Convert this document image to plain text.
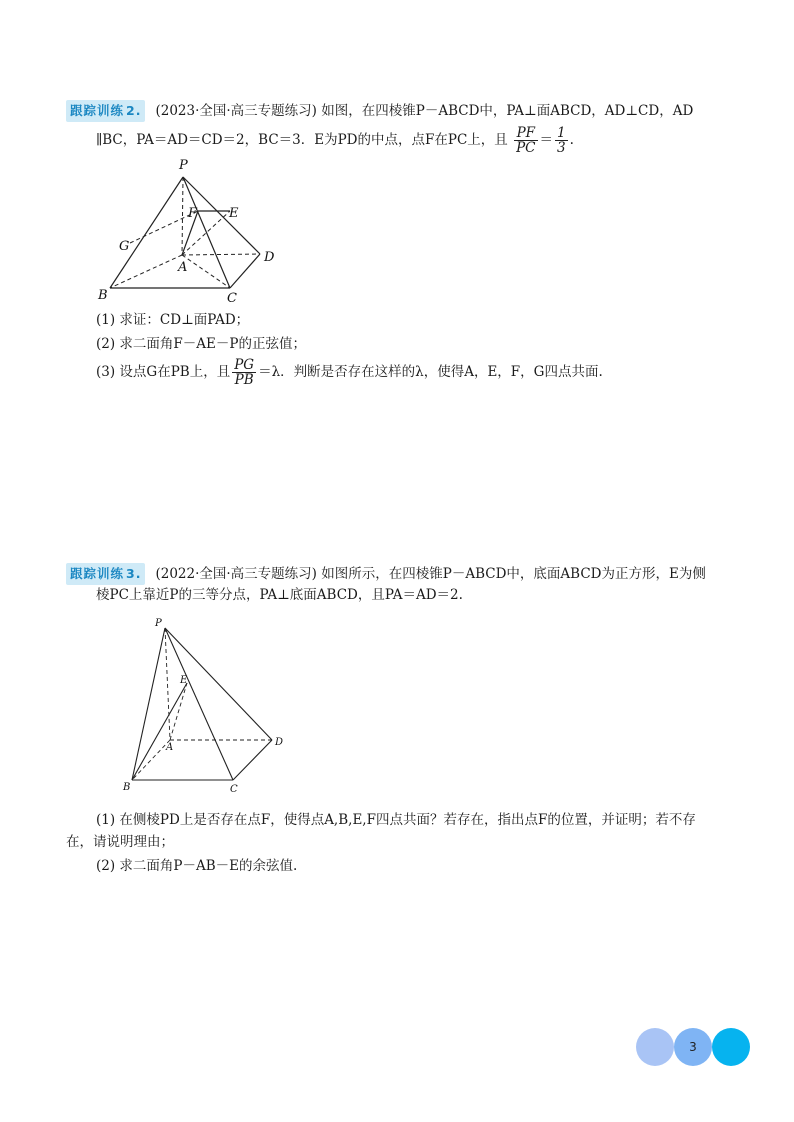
跟踪训练 2. (2023·全国·高三专题练习) 如图，在四棱锥P－ABCD中，PA⊥面ABCD，AD⊥CD，AD
∥BC，PA＝AD＝CD＝2，BC＝3．E为PD的中点，点F在PC上，且 $\frac{PF}{PC} = \frac{1}{3}$ .
P
F E
G
A
D
B	C
(1) 求证：CD⊥面PAD；
(2) 求二面角F－AE－P的正弦值；
(3) 设点G在PB上，且 $\frac{PG}{PB} =\lambda$．判断是否存在这样的λ，使得A，E，F，G四点共面.
跟踪训练 3. (2022·全国·高三专题练习) 如图所示，在四棱锥P－ABCD中，底面ABCD为正方形，E为侧
棱PC上靠近P的三等分点，PA⊥底面ABCD，且PA＝AD＝2.
P
E
A	D
B	C
(1) 在侧棱PD上是否存在点F，使得点A,B,E,F四点共面？若存在，指出点F的位置，并证明；若不存
在，请说明理由；
(2) 求二面角P－AB－E的余弦值.
3
